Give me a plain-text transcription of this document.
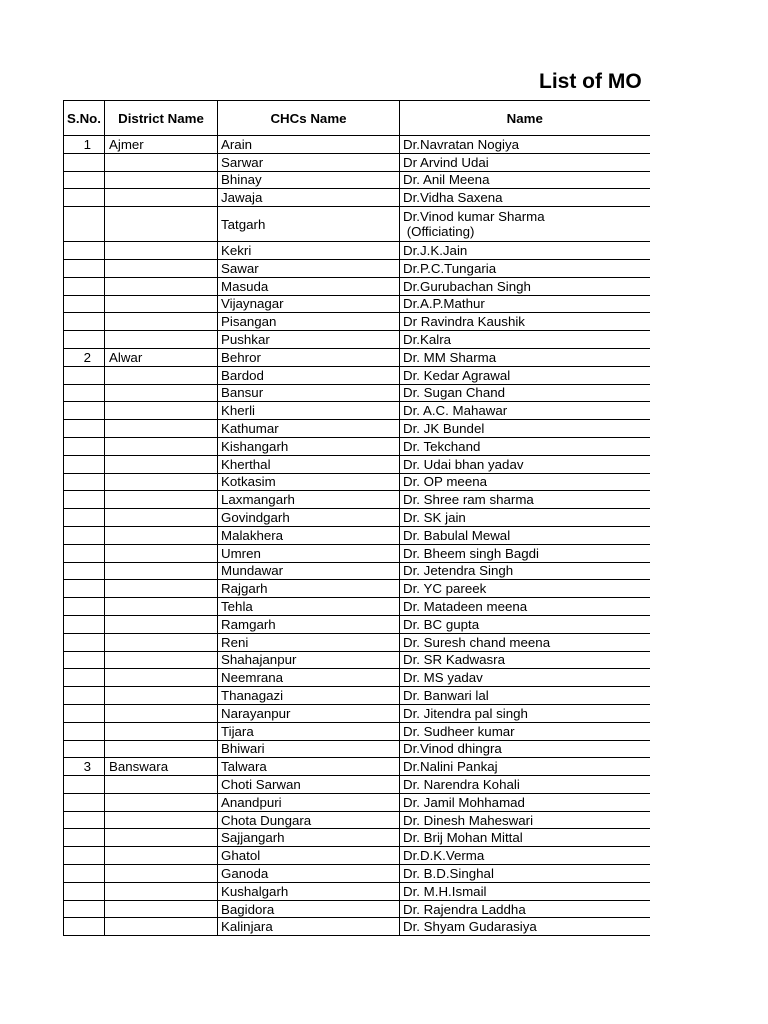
List of MO
S.No.	District Name	CHCs Name	Name
1	Ajmer	Arain	Dr.Navratan Nogiya
		Sarwar	Dr Arvind Udai
		Bhinay	Dr. Anil Meena
		Jawaja	Dr.Vidha Saxena
		Tatgarh	Dr.Vinod kumar Sharma
(Officiating)

		Kekri	Dr.J.K.Jain
		Sawar	Dr.P.C.Tungaria
		Masuda	Dr.Gurubachan Singh
		Vijaynagar	Dr.A.P.Mathur
		Pisangan	Dr Ravindra Kaushik
		Pushkar	Dr.Kalra
2	Alwar	Behror	Dr. MM Sharma
		Bardod	Dr. Kedar Agrawal
		Bansur	Dr. Sugan Chand
		Kherli	Dr. A.C. Mahawar
		Kathumar	Dr. JK Bundel
		Kishangarh	Dr. Tekchand
		Kherthal	Dr. Udai bhan yadav
		Kotkasim	Dr. OP meena
		Laxmangarh	Dr. Shree ram sharma
		Govindgarh	Dr. SK jain
		Malakhera	Dr. Babulal Mewal
		Umren	Dr. Bheem singh Bagdi
		Mundawar	Dr. Jetendra Singh
		Rajgarh	Dr. YC pareek
		Tehla	Dr. Matadeen meena
		Ramgarh	Dr. BC gupta
		Reni	Dr. Suresh chand meena
		Shahajanpur	Dr. SR Kadwasra
		Neemrana	Dr. MS yadav
		Thanagazi	Dr. Banwari lal
		Narayanpur	Dr. Jitendra pal singh
		Tijara	Dr. Sudheer kumar
		Bhiwari	Dr.Vinod dhingra
3	Banswara	Talwara	Dr.Nalini Pankaj
		Choti Sarwan	Dr. Narendra Kohali
		Anandpuri	Dr. Jamil Mohhamad
		Chota Dungara	Dr. Dinesh Maheswari
		Sajjangarh	Dr. Brij Mohan Mittal
		Ghatol	Dr.D.K.Verma
		Ganoda	Dr. B.D.Singhal
		Kushalgarh	Dr. M.H.Ismail
		Bagidora	Dr. Rajendra Laddha
		Kalinjara	Dr. Shyam Gudarasiya
